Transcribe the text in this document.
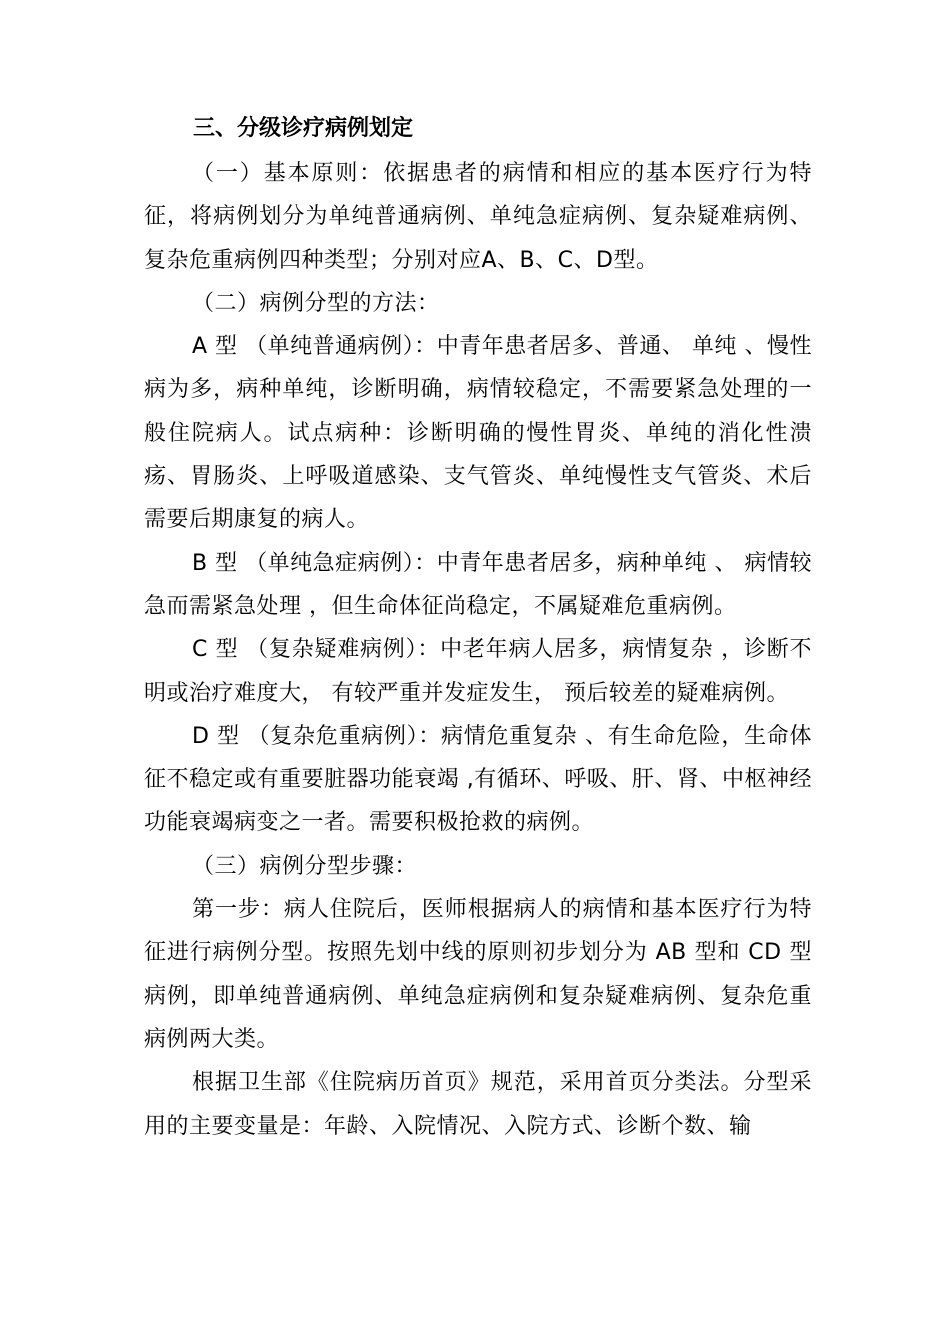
三、分级诊疗病例划定

（一）基本原则：依据患者的病情和相应的基本医疗行为特征，将病例划分为单纯普通病例、单纯急症病例、复杂疑难病例、复杂危重病例四种类型；分别对应A、B、C、D型。

（二）病例分型的方法：

A 型 （单纯普通病例）：中青年患者居多、普通、 单纯 、慢性病为多，病种单纯，诊断明确，病情较稳定，不需要紧急处理的一般住院病人。试点病种：诊断明确的慢性胃炎、单纯的消化性溃疡、胃肠炎、上呼吸道感染、支气管炎、单纯慢性支气管炎、术后需要后期康复的病人。

B 型 （单纯急症病例）：中青年患者居多，病种单纯 、 病情较急而需紧急处理 ，但生命体征尚稳定，不属疑难危重病例。

C 型 （复杂疑难病例）：中老年病人居多，病情复杂 ，诊断不明或治疗难度大， 有较严重并发症发生， 预后较差的疑难病例。

D 型 （复杂危重病例）：病情危重复杂 、有生命危险，生命体征不稳定或有重要脏器功能衰竭 ,有循环、呼吸、肝、肾、中枢神经功能衰竭病变之一者。需要积极抢救的病例。

（三）病例分型步骤：

第一步：病人住院后，医师根据病人的病情和基本医疗行为特征进行病例分型。按照先划中线的原则初步划分为 AB 型和 CD 型病例，即单纯普通病例、单纯急症病例和复杂疑难病例、复杂危重病例两大类。

根据卫生部《住院病历首页》规范，采用首页分类法。分型采用的主要变量是：年龄、入院情况、入院方式、诊断个数、输
